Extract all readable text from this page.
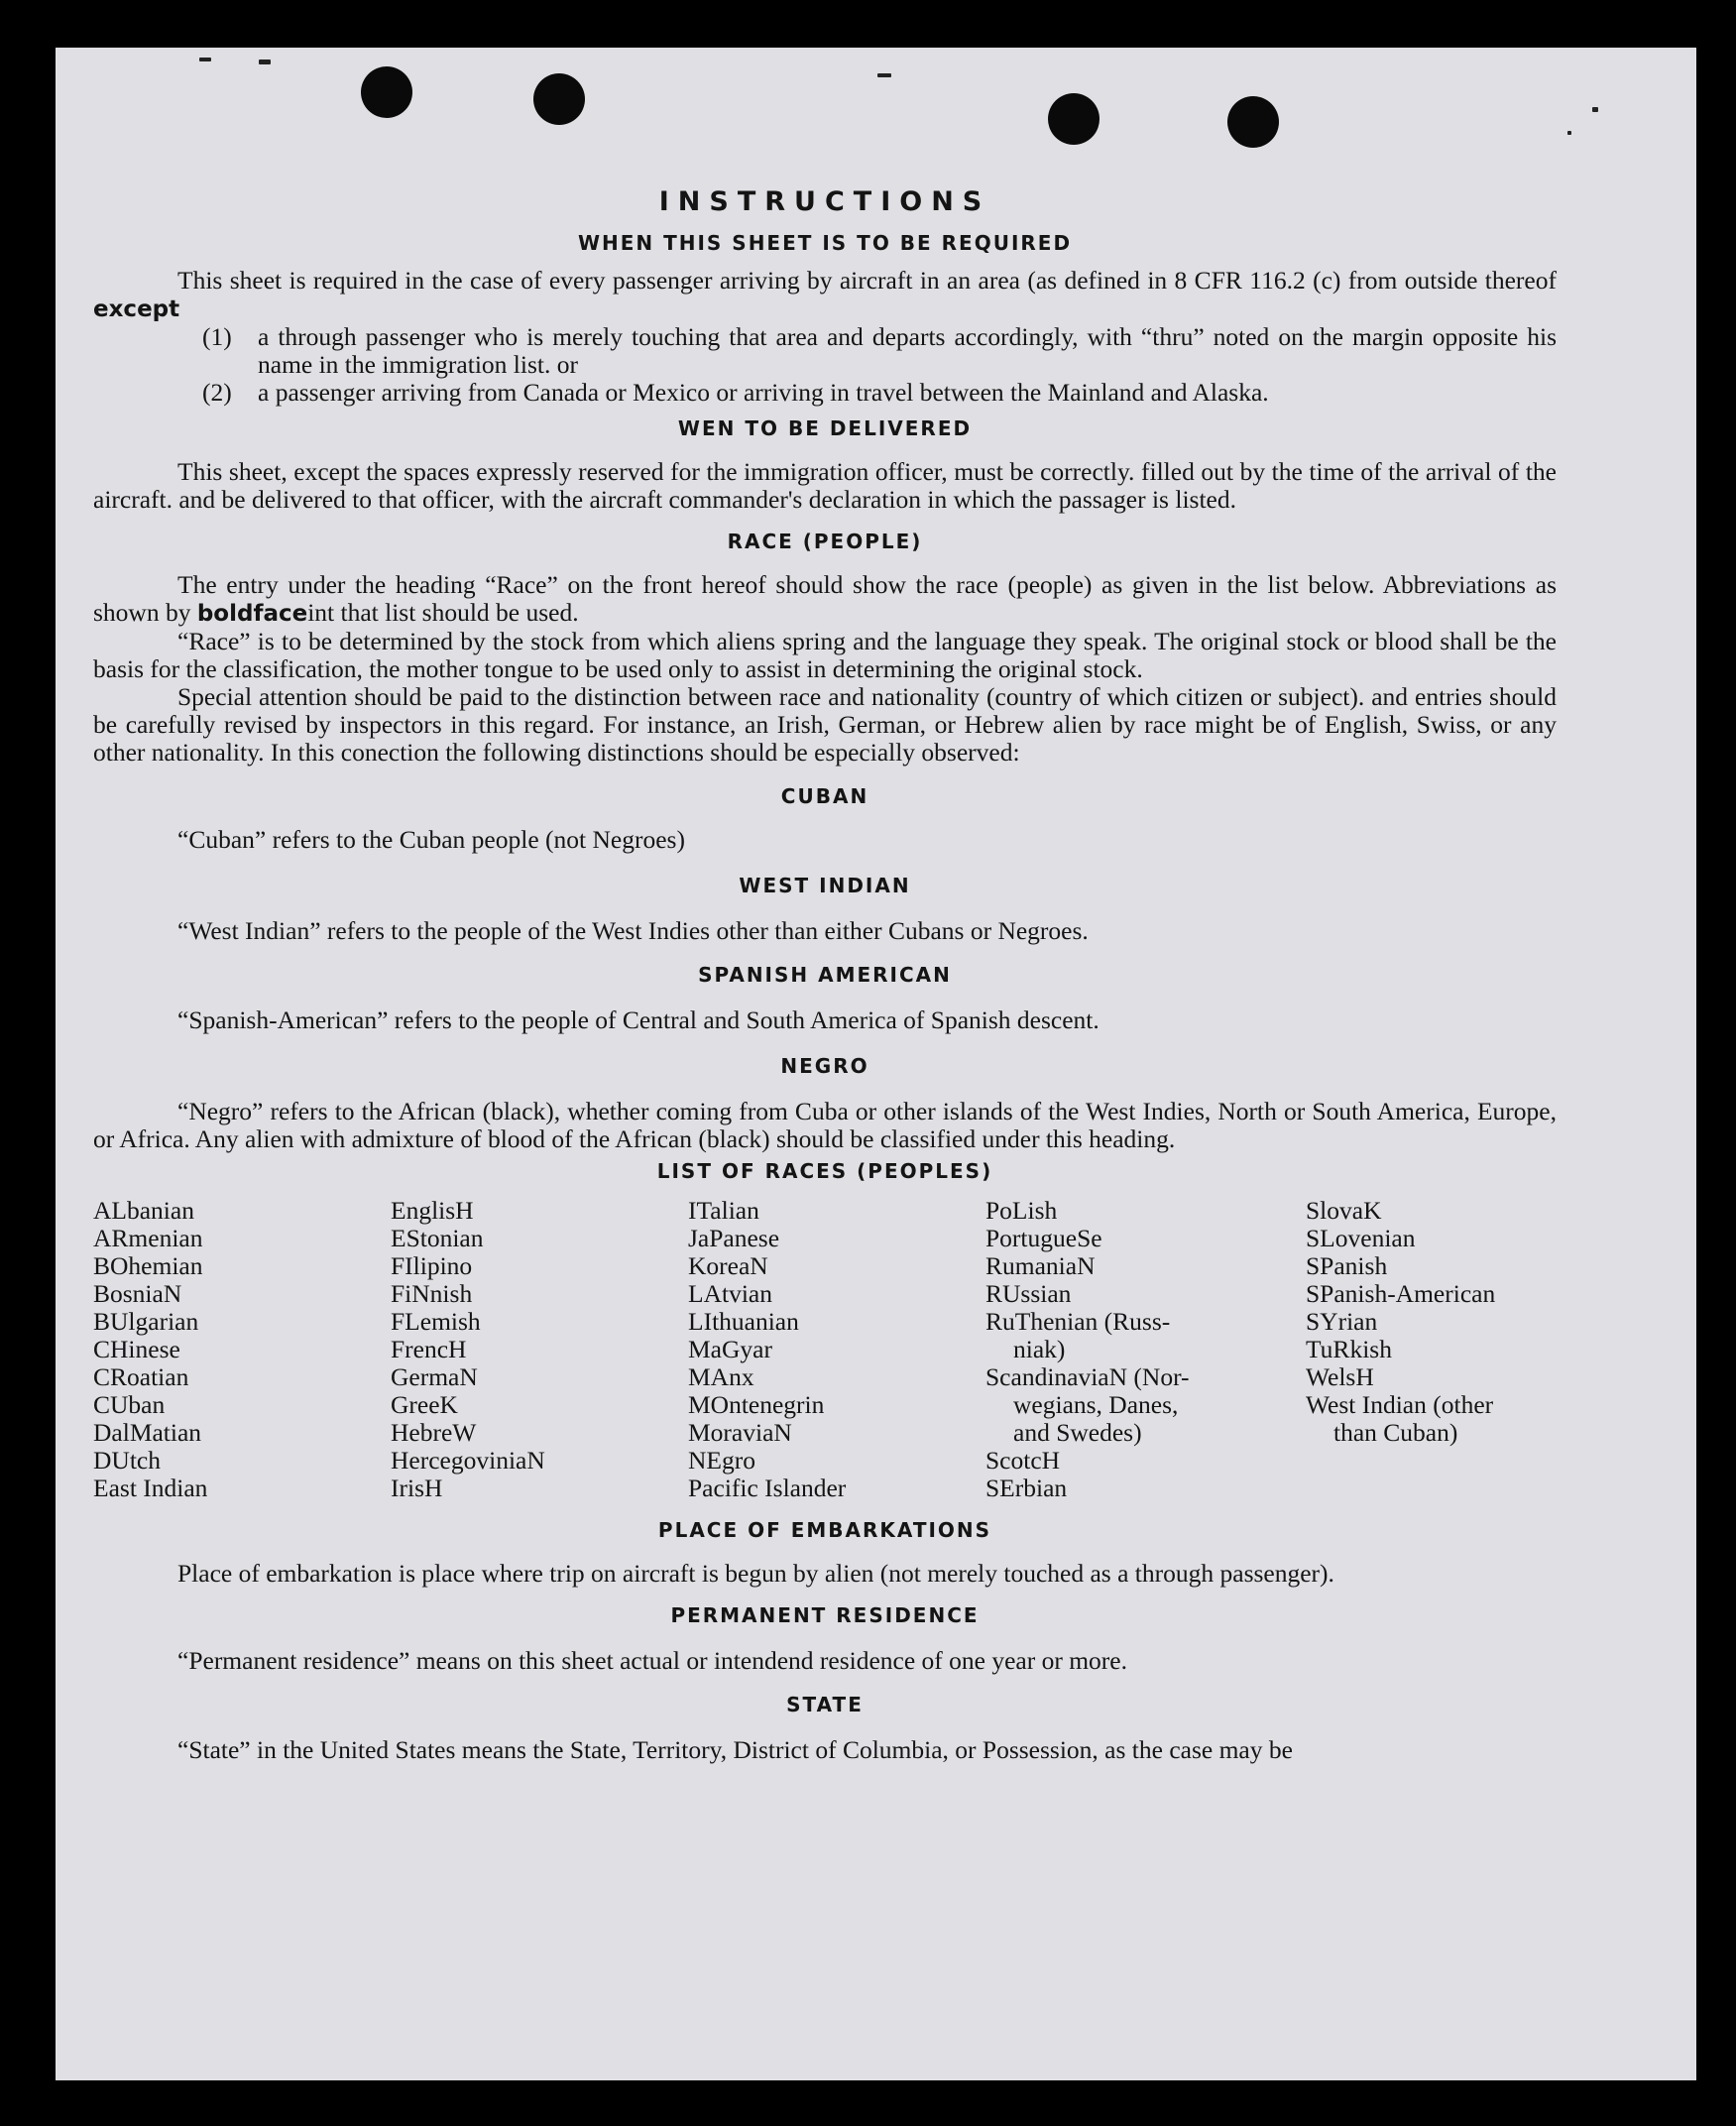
INSTRUCTIONS
WHEN THIS SHEET IS TO BE REQUIRED

This sheet is required in the case of every passenger arriving by aircraft in an area (as defined in 8 CFR 116.2 (c) from outside thereof except

(1)	a through passenger who is merely touching that area and departs accordingly, with “thru” noted on the margin opposite his name in the immigration list. or
(2)	a passenger arriving from Canada or Mexico or arriving in travel between the Mainland and Alaska.
WEN TO BE DELIVERED

This sheet, except the spaces expressly reserved for the immigration officer, must be correctly. filled out by the time of the arrival of the aircraft. and be delivered to that officer, with the aircraft commander's declaration in which the passager is listed.

RACE (PEOPLE)

The entry under the heading “Race” on the front hereof should show the race (people) as given in the list below. Abbreviations as shown by boldfaceint that list should be used.

“Race” is to be determined by the stock from which aliens spring and the language they speak. The original stock or blood shall be the basis for the classification, the mother tongue to be used only to assist in determining the original stock.

Special attention should be paid to the distinction between race and nationality (country of which citizen or subject). and entries should be carefully revised by inspectors in this regard. For instance, an Irish, German, or Hebrew alien by race might be of English, Swiss, or any other nationality. In this conection the following distinctions should be especially observed:

CUBAN

“Cuban” refers to the Cuban people (not Negroes)

WEST INDIAN

“West Indian” refers to the people of the West Indies other than either Cubans or Negroes.

SPANISH AMERICAN

“Spanish-American” refers to the people of Central and South America of Spanish descent.

NEGRO

“Negro” refers to the African (black), whether coming from Cuba or other islands of the West Indies, North or South America, Europe, or Africa. Any alien with admixture of blood of the African (black) should be classified under this heading.

LIST OF RACES (PEOPLES)
ALbanian
ARmenian
BOhemian
BosniaN
BUlgarian
CHinese
CRoatian
CUban
DalMatian
DUtch
East Indian
EnglisH
EStonian
FIlipino
FiNnish
FLemish
FrencH
GermaN
GreeK
HebreW
HercegoviniaN
IrisH
ITalian
JaPanese
KoreaN
LAtvian
LIthuanian
MaGyar
MAnx
MOntenegrin
MoraviaN
NEgro
Pacific Islander
PoLish
PortugueSe
RumaniaN
RUssian
RuThenian (Russ-
niak)
ScandinaviaN (Nor-
wegians, Danes,
and Swedes)
ScotcH
SErbian
SlovaK
SLovenian
SPanish
SPanish-American
SYrian
TuRkish
WelsH
West Indian (other
than Cuban)
PLACE OF EMBARKATIONS

Place of embarkation is place where trip on aircraft is begun by alien (not merely touched as a through passenger).

PERMANENT RESIDENCE

“Permanent residence” means on this sheet actual or intendend residence of one year or more.

STATE

“State” in the United States means the State, Territory, District of Columbia, or Possession, as the case may be
